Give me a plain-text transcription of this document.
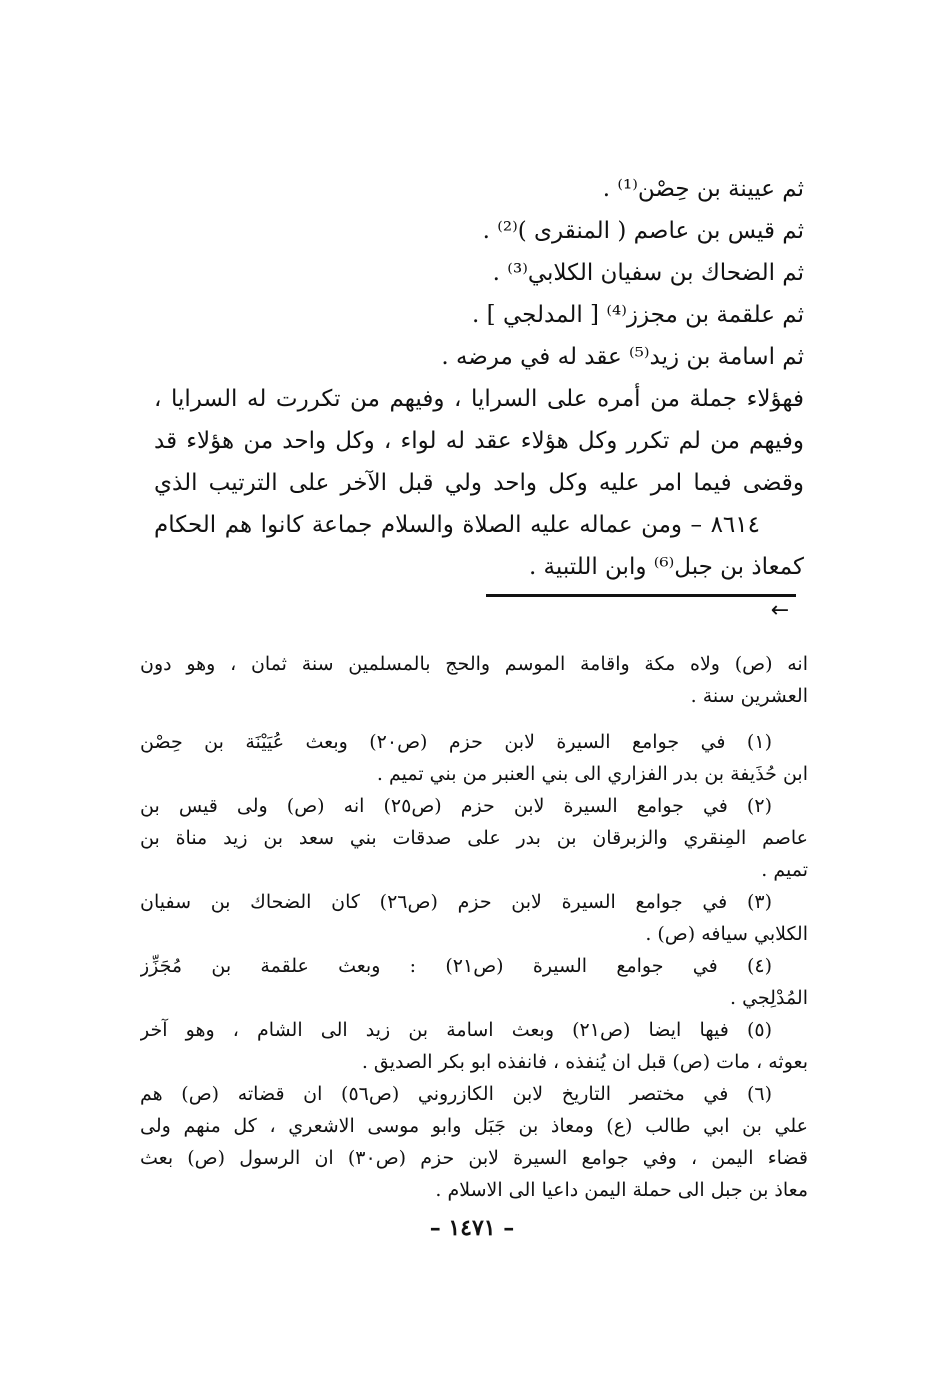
ثم عيينة بن حِصْن⁽¹⁾ ‏.
ثم قيس بن عاصم ( المنقرى )⁽²⁾ ‏.
ثم الضحاك بن سفيان الكلابي⁽³⁾ ‏.
ثم علقمة بن مجزز⁽⁴⁾ [ المدلجي ] ‏.
ثم اسامة بن زيد⁽⁵⁾ عقد له في مرضه ‏.
فهؤلاء جملة من أمره على السرايا ، وفيهم من تكررت له السرايا ،
وفيهم من لم تكرر وكل هؤلاء عقد له لواء ، وكل واحد من هؤلاء قد
وقضى فيما امر عليه وكل واحد ولي قبل الآخر على الترتيب الذي
٨٦١٤ – ومن عماله عليه الصلاة والسلام جماعة كانوا هم الحكام
كمعاذ بن جبل⁽⁶⁾ وابن اللتبية ‏.
←
انه (ص) ولاه مكة واقامة الموسم والحج بالمسلمين سنة ثمان ، وهو دون
العشرين سنة ‏.
(١) في جوامع السيرة لابن حزم (ص٢٠) وبعث عُيَيْنَة بن حِصْن
ابن حُذَيفة بن بدر الفزاري الى بني العنبر من بني تميم ‏.
(٢) في جوامع السيرة لابن حزم (ص٢٥) انه (ص) ولى قيس بن
عاصم المِنقري والزبرقان بن بدر على صدقات بني سعد بن زيد مناة بن
تميم ‏.
(٣) في جوامع السيرة لابن حزم (ص٢٦) كان الضحاك بن سفيان
الكلابي سيافه (ص) ‏.
(٤) في جوامع السيرة (ص٢١) : وبعث علقمة بن مُجَزِّز
المُدْلِجي ‏.
(٥) فيها ايضا (ص٢١) وبعث اسامة بن زيد الى الشام ، وهو آخر
بعوثه ، مات (ص) قبل ان يُنفذه ، فانفذه ابو بكر الصديق ‏.
(٦) في مختصر التاريخ لابن الكازروني (ص٥٦) ان قضاته (ص) هم
علي بن ابي طالب (ع) ومعاذ بن جَبَل وابو موسى الاشعري ، كل منهم ولى
قضاء اليمن ، وفي جوامع السيرة لابن حزم (ص٣٠) ان الرسول (ص) بعث
معاذ بن جبل الى حملة اليمن داعيا الى الاسلام ‏.
– ١٤٧١ –
